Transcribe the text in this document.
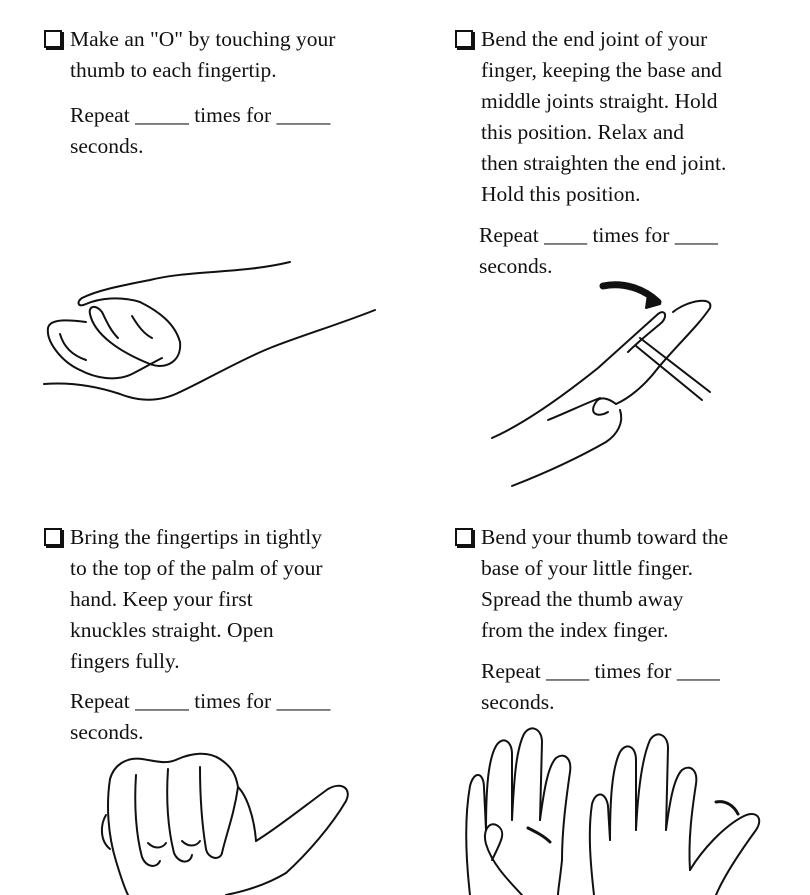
Make an "O" by touching your
thumb to each fingertip.
Repeat _____ times for _____
seconds.
Bend the end joint of your
finger, keeping the base and
middle joints straight. Hold
this position. Relax and
then straighten the end joint.
Hold this position.
Repeat ____ times for ____
seconds.
Bring the fingertips in tightly
to the top of the palm of your
hand. Keep your first
knuckles straight. Open
fingers fully.
Repeat _____ times for _____
seconds.
Bend your thumb toward the
base of your little finger.
Spread the thumb away
from the index finger.
Repeat ____ times for ____
seconds.
